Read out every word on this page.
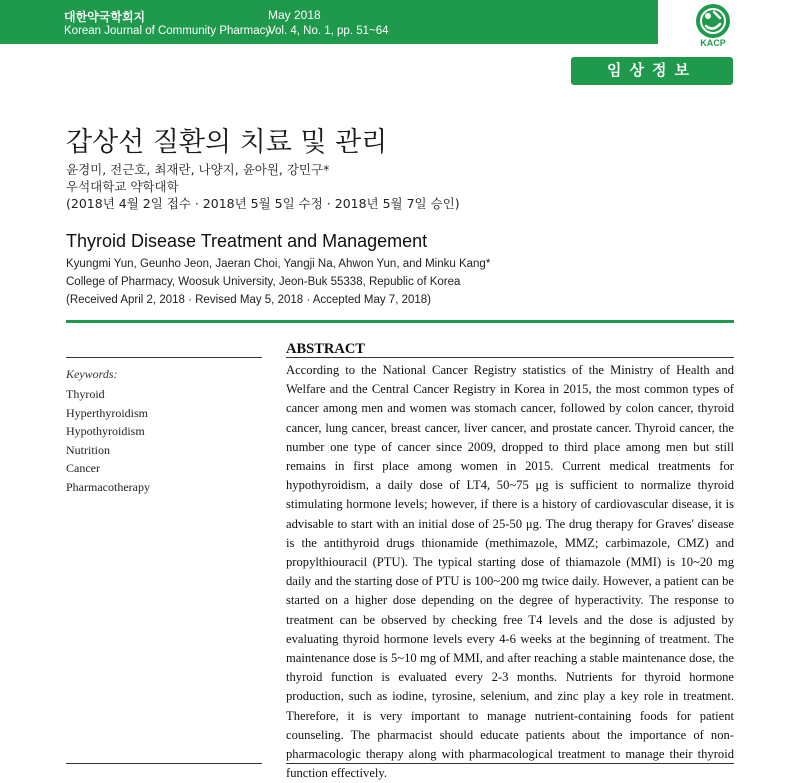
대한약국학회지
Korean Journal of Community Pharmacy
May 2018
Vol. 4, No. 1, pp. 51~64
KACP
임상정보
갑상선 질환의 치료 및 관리
윤경미, 전근호, 최재란, 나양지, 윤아원, 강민구*
우석대학교 약학대학
(2018년 4월 2일 접수 · 2018년 5월 5일 수정 · 2018년 5월 7일 승인)
Thyroid Disease Treatment and Management
Kyungmi Yun, Geunho Jeon, Jaeran Choi, Yangji Na, Ahwon Yun, and Minku Kang*
College of Pharmacy, Woosuk University, Jeon-Buk 55338, Republic of Korea
(Received April 2, 2018 · Revised May 5, 2018 · Accepted May 7, 2018)
ABSTRACT
Keywords:
Thyroid
Hyperthyroidism
Hypothyroidism
Nutrition
Cancer
Pharmacotherapy

According to the National Cancer Registry statistics of the Ministry of Health and Welfare and the Central Cancer Registry in Korea in 2015, the most common types of cancer among men and women was stomach cancer, followed by colon cancer, thyroid cancer, lung cancer, breast cancer, liver cancer, and prostate cancer. Thyroid cancer, the number one type of cancer since 2009, dropped to third place among men but still remains in first place among women in 2015. Current medical treatments for hypothyroidism, a daily dose of LT4, 50~75 μg is sufficient to normalize thyroid stimulating hormone levels; however, if there is a history of cardiovascular disease, it is advisable to start with an initial dose of 25-50 μg. The drug therapy for Graves' disease is the antithyroid drugs thionamide (methimazole, MMZ; carbimazole, CMZ) and propylthiouracil (PTU). The typical starting dose of thiamazole (MMI) is 10~20 mg daily and the starting dose of PTU is 100~200 mg twice daily. However, a patient can be started on a higher dose depending on the degree of hyperactivity. The response to treatment can be observed by checking free T4 levels and the dose is adjusted by evaluating thyroid hormone levels every 4-6 weeks at the beginning of treatment. The maintenance dose is 5~10 mg of MMI, and after reaching a stable maintenance dose, the thyroid function is evaluated every 2-3 months. Nutrients for thyroid hormone production, such as iodine, tyrosine, selenium, and zinc play a key role in treatment. Therefore, it is very important to manage nutrient-containing foods for patient counseling. The pharmacist should educate patients about the importance of non-pharmacologic therapy along with pharmacological treatment to manage their thyroid function effectively.
